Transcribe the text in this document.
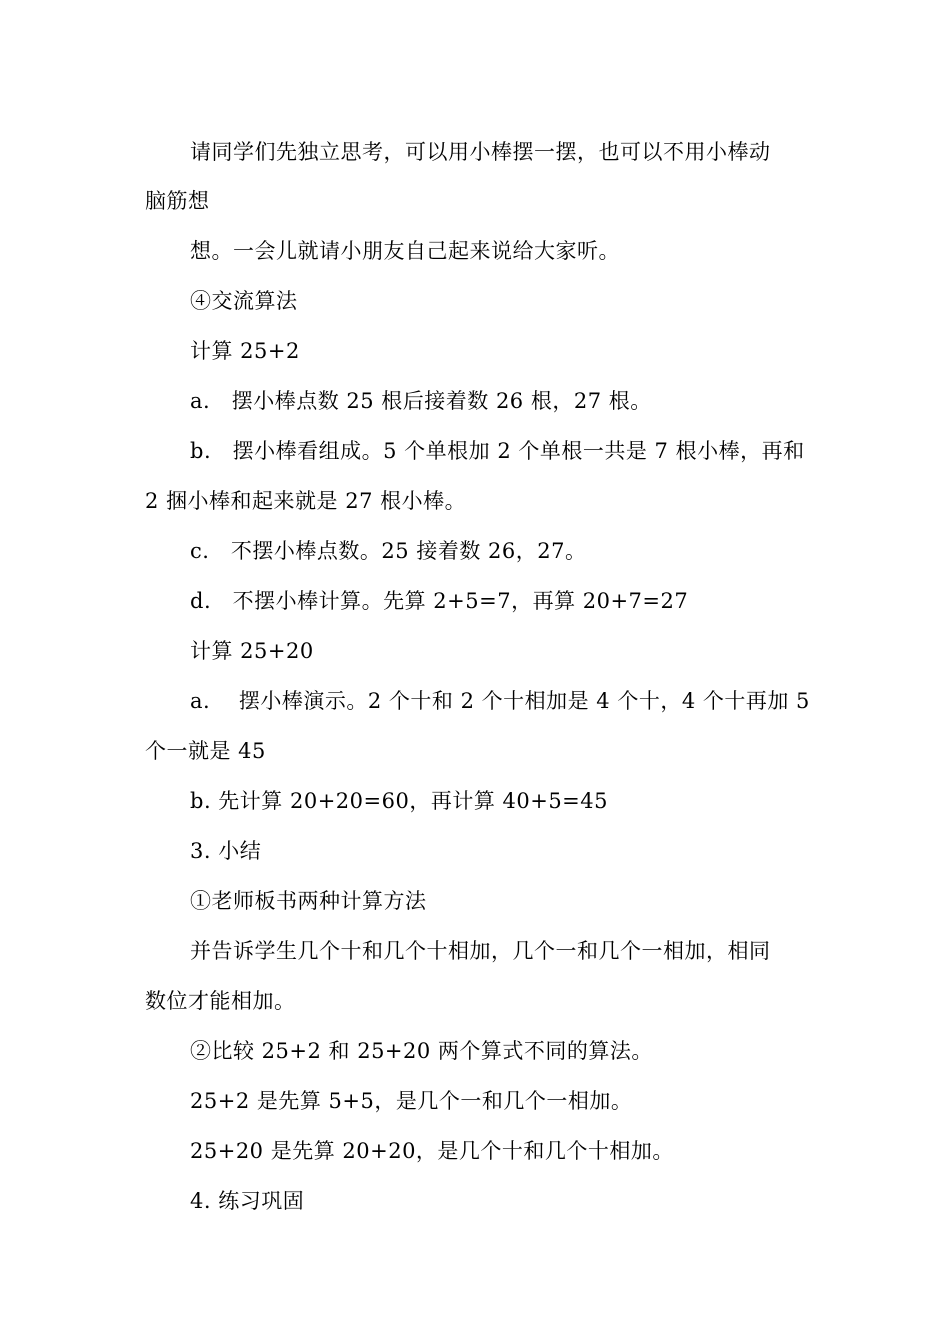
请同学们先独立思考，可以用小棒摆一摆，也可以不用小棒动
脑筋想
想。一会儿就请小朋友自己起来说给大家听。
④交流算法
计算 25+2
a.　摆小棒点数 25 根后接着数 26 根，27 根。
b.　摆小棒看组成。5 个单根加 2 个单根一共是 7 根小棒，再和
2 捆小棒和起来就是 27 根小棒。
c.　不摆小棒点数。25 接着数 26，27。
d.　不摆小棒计算。先算 2+5=7，再算 20+7=27
计算 25+20
a.　 摆小棒演示。2 个十和 2 个十相加是 4 个十，4 个十再加 5
个一就是 45
b. 先计算 20+20=60，再计算 40+5=45
3. 小结
①老师板书两种计算方法
并告诉学生几个十和几个十相加，几个一和几个一相加，相同
数位才能相加。
②比较 25+2 和 25+20 两个算式不同的算法。
25+2 是先算 5+5，是几个一和几个一相加。
25+20 是先算 20+20，是几个十和几个十相加。
4. 练习巩固
